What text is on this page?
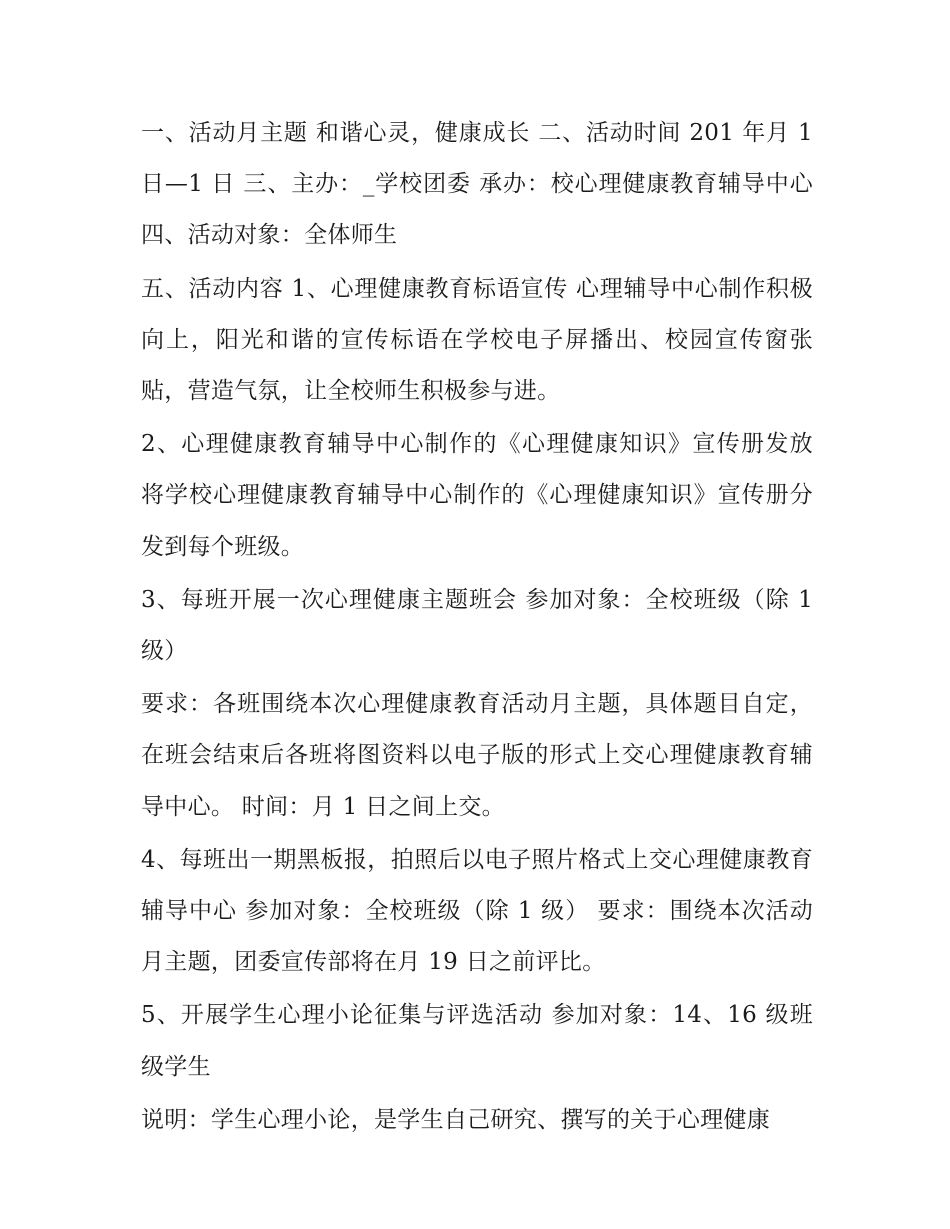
一、活动月主题 和谐心灵，健康成长 二、活动时间 201 年月 1 日—1 日 三、主办：_学校团委 承办：校心理健康教育辅导中心 四、活动对象：全体师生

五、活动内容 1、心理健康教育标语宣传 心理辅导中心制作积极向上，阳光和谐的宣传标语在学校电子屏播出、校园宣传窗张贴，营造气氛，让全校师生积极参与进。

2、心理健康教育辅导中心制作的《心理健康知识》宣传册发放 将学校心理健康教育辅导中心制作的《心理健康知识》宣传册分发到每个班级。

3、每班开展一次心理健康主题班会 参加对象：全校班级（除 1 级）

要求：各班围绕本次心理健康教育活动月主题，具体题目自定，在班会结束后各班将图资料以电子版的形式上交心理健康教育辅导中心。 时间：月 1 日之间上交。

4、每班出一期黑板报，拍照后以电子照片格式上交心理健康教育辅导中心 参加对象：全校班级（除 1 级） 要求：围绕本次活动月主题，团委宣传部将在月 19 日之前评比。

5、开展学生心理小论征集与评选活动 参加对象：14、16 级班级学生

说明：学生心理小论，是学生自己研究、撰写的关于心理健康
